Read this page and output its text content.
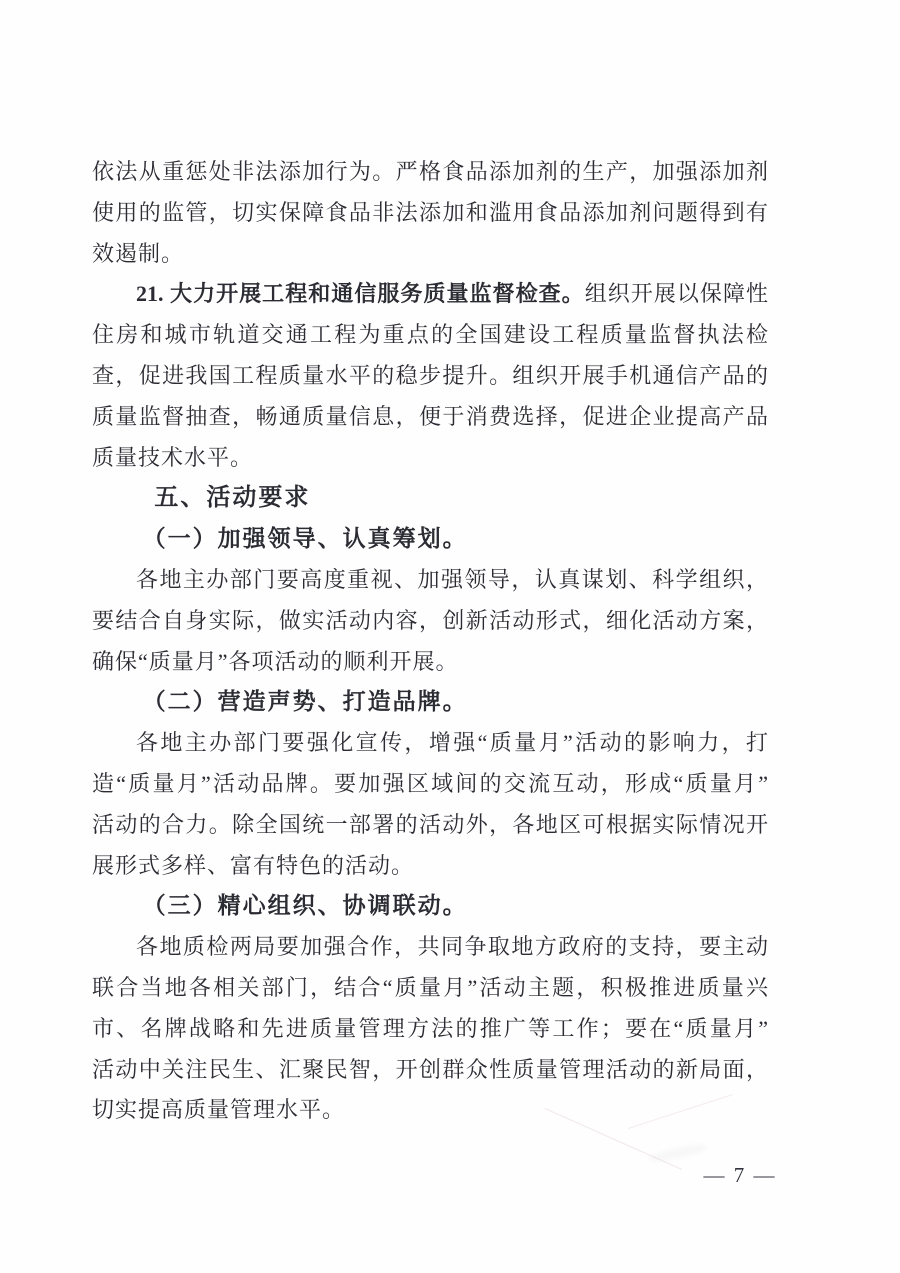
依法从重惩处非法添加行为。严格食品添加剂的生产，加强添加剂
使用的监管，切实保障食品非法添加和滥用食品添加剂问题得到有
效遏制。
21. 大力开展工程和通信服务质量监督检查。组织开展以保障性
住房和城市轨道交通工程为重点的全国建设工程质量监督执法检
查，促进我国工程质量水平的稳步提升。组织开展手机通信产品的
质量监督抽查，畅通质量信息，便于消费选择，促进企业提高产品
质量技术水平。
五、活动要求
（一）加强领导、认真筹划。
各地主办部门要高度重视、加强领导，认真谋划、科学组织，
要结合自身实际，做实活动内容，创新活动形式，细化活动方案，
确保“质量月”各项活动的顺利开展。
（二）营造声势、打造品牌。
各地主办部门要强化宣传，增强“质量月”活动的影响力，打
造“质量月”活动品牌。要加强区域间的交流互动，形成“质量月”
活动的合力。除全国统一部署的活动外，各地区可根据实际情况开
展形式多样、富有特色的活动。
（三）精心组织、协调联动。
各地质检两局要加强合作，共同争取地方政府的支持，要主动
联合当地各相关部门，结合“质量月”活动主题，积极推进质量兴
市、名牌战略和先进质量管理方法的推广等工作；要在“质量月”
活动中关注民生、汇聚民智，开创群众性质量管理活动的新局面，
切实提高质量管理水平。
— 7 —
